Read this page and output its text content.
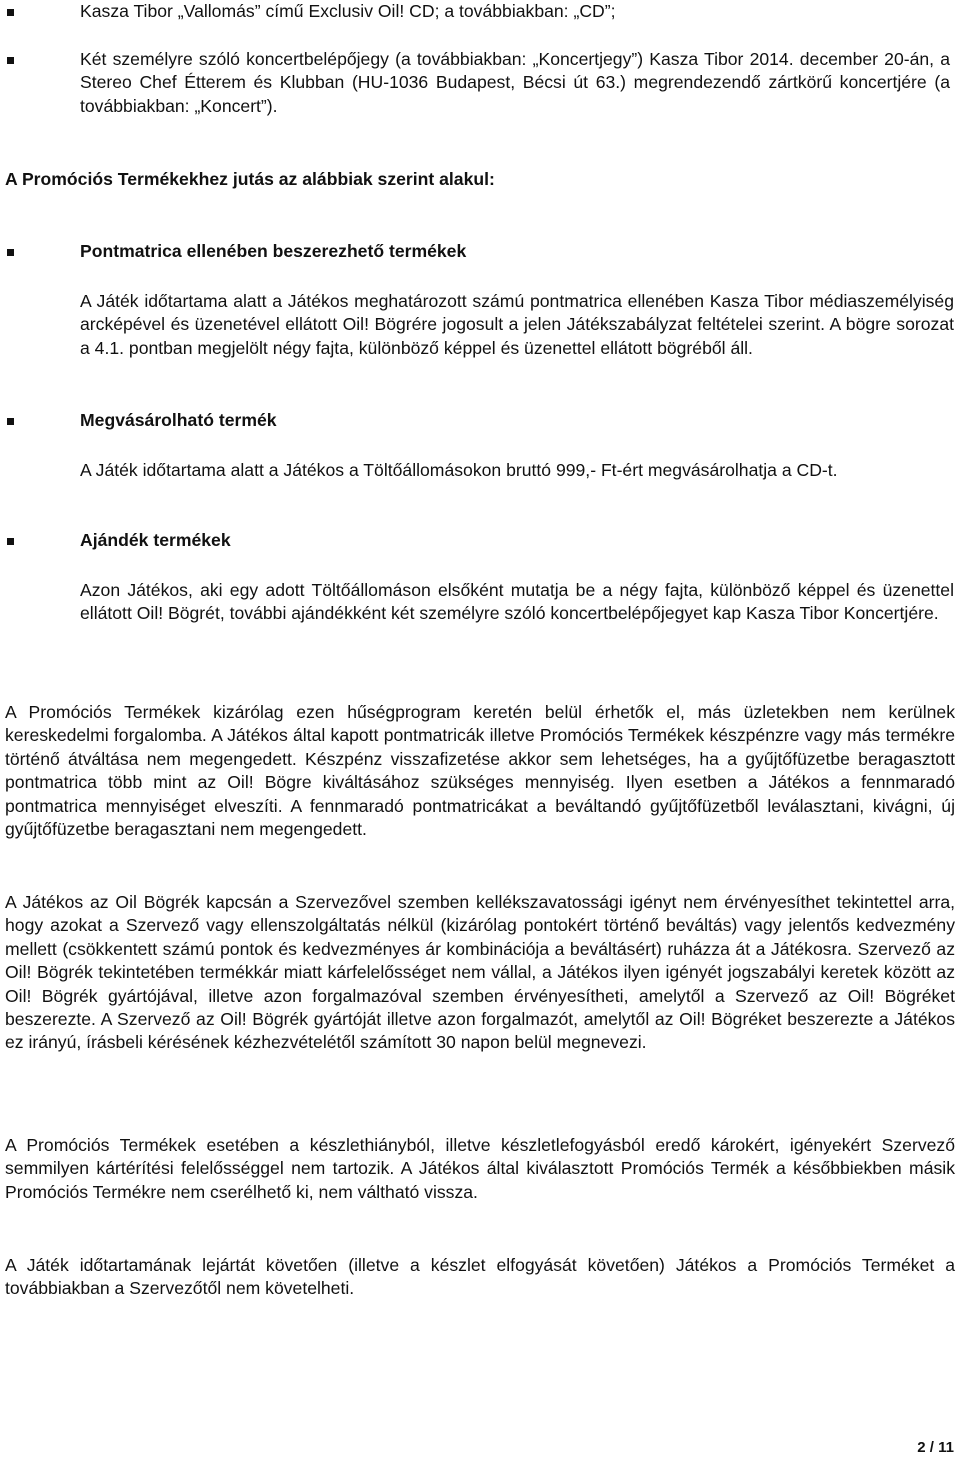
Kasza Tibor „Vallomás” című Exclusiv Oil! CD; a továbbiakban: „CD”;
Két személyre szóló koncertbelépőjegy (a továbbiakban: „Koncertjegy”) Kasza Tibor 2014. december 20-án, a Stereo Chef Étterem és Klubban (HU-1036 Budapest, Bécsi út 63.) megrendezendő zártkörű koncertjére (a továbbiakban: „Koncert”).
A Promóciós Termékekhez jutás az alábbiak szerint alakul:
Pontmatrica ellenében beszerezhető termékek
A Játék időtartama alatt a Játékos meghatározott számú pontmatrica ellenében Kasza Tibor médiaszemélyiség arcképével és üzenetével ellátott Oil! Bögrére jogosult a jelen Játékszabályzat feltételei szerint. A bögre sorozat a 4.1. pontban megjelölt négy fajta, különböző képpel és üzenettel ellátott bögréből áll.
Megvásárolható termék
A Játék időtartama alatt a Játékos a Töltőállomásokon bruttó 999,- Ft-ért megvásárolhatja a CD-t.
Ajándék termékek
Azon Játékos, aki egy adott Töltőállomáson elsőként mutatja be a négy fajta, különböző képpel és üzenettel ellátott Oil! Bögrét, további ajándékként két személyre szóló koncertbelépőjegyet kap Kasza Tibor Koncertjére.
A Promóciós Termékek kizárólag ezen hűségprogram keretén belül érhetők el, más üzletekben nem kerülnek kereskedelmi forgalomba. A Játékos által kapott pontmatricák illetve Promóciós Termékek készpénzre vagy más termékre történő átváltása nem megengedett. Készpénz visszafizetése akkor sem lehetséges, ha a gyűjtőfüzetbe beragasztott pontmatrica több mint az Oil! Bögre kiváltásához szükséges mennyiség. Ilyen esetben a Játékos a fennmaradó pontmatrica mennyiséget elveszíti. A fennmaradó pontmatricákat a beváltandó gyűjtőfüzetből leválasztani, kivágni, új gyűjtőfüzetbe beragasztani nem megengedett.
A Játékos az Oil Bögrék kapcsán a Szervezővel szemben kellékszavatossági igényt nem érvényesíthet tekintettel arra, hogy azokat a Szervező vagy ellenszolgáltatás nélkül (kizárólag pontokért történő beváltás) vagy jelentős kedvezmény mellett (csökkentett számú pontok és kedvezményes ár kombinációja a beváltásért) ruházza át a Játékosra. Szervező az Oil! Bögrék tekintetében termékkár miatt kárfelelősséget nem vállal, a Játékos ilyen igényét jogszabályi keretek között az Oil! Bögrék gyártójával, illetve azon forgalmazóval szemben érvényesítheti, amelytől a Szervező az Oil! Bögréket beszerezte. A Szervező az Oil! Bögrék gyártóját illetve azon forgalmazót, amelytől az Oil! Bögréket beszerezte a Játékos ez irányú, írásbeli kérésének kézhezvételétől számított 30 napon belül megnevezi.
A Promóciós Termékek esetében a készlethiányból, illetve készletlefogyásból eredő károkért, igényekért Szervező semmilyen kártérítési felelősséggel nem tartozik. A Játékos által kiválasztott Promóciós Termék a későbbiekben másik Promóciós Termékre nem cserélhető ki, nem váltható vissza.
A Játék időtartamának lejártát követően (illetve a készlet elfogyását követően) Játékos a Promóciós Terméket a továbbiakban a Szervezőtől nem követelheti.
2 / 11
